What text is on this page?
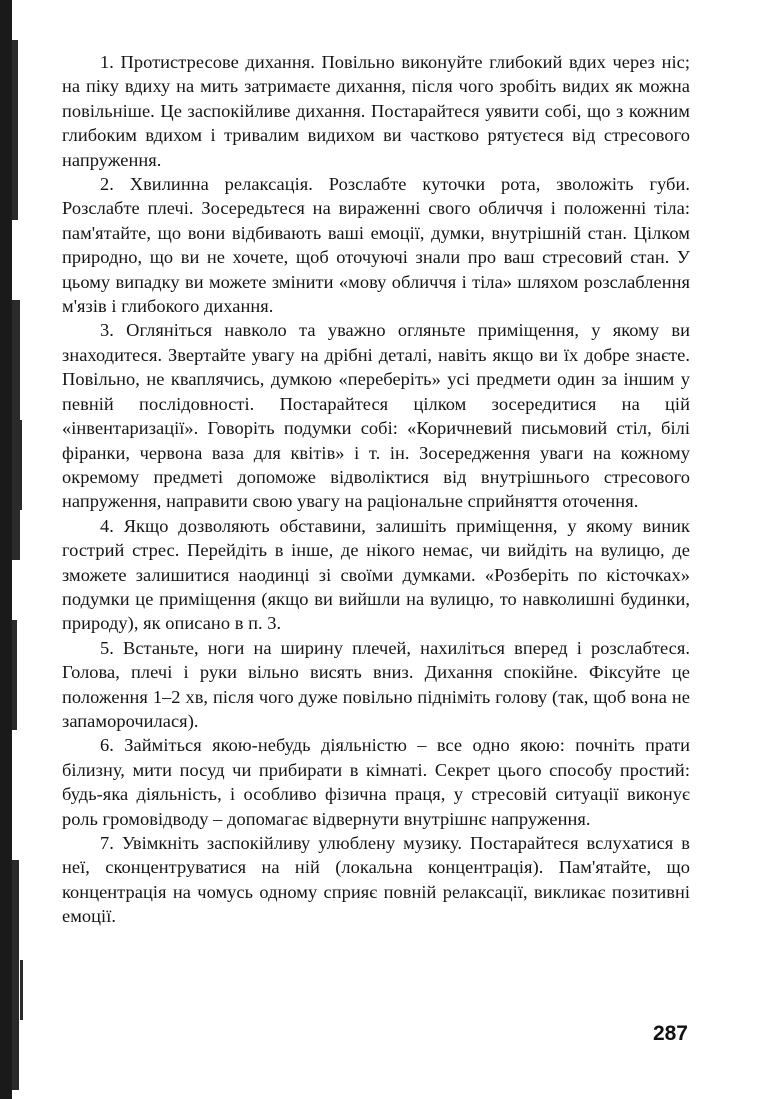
1. Протистресове дихання. Повільно виконуйте глибокий вдих через ніс; на піку вдиху на мить затримаєте дихання, після чого зробіть видих як можна повільніше. Це заспокійливе дихання. Постарайтеся уявити собі, що з кожним глибоким вдихом і тривалим видихом ви частково рятуєтеся від стресового напруження.

2. Хвилинна релаксація. Розслабте куточки рота, зволожіть губи. Розслабте плечі. Зосередьтеся на вираженні свого обличчя і положенні тіла: пам'ятайте, що вони відбивають ваші емоції, думки, внутрішній стан. Цілком природно, що ви не хочете, щоб оточуючі знали про ваш стресовий стан. У цьому випадку ви можете змінити «мову обличчя і тіла» шляхом розслаблення м'язів і глибокого дихання.

3. Огляніться навколо та уважно огляньте приміщення, у якому ви знаходитеся. Звертайте увагу на дрібні деталі, навіть якщо ви їх добре знаєте. Повільно, не кваплячись, думкою «переберіть» усі предмети один за іншим у певній послідовності. Постарайтеся цілком зосередитися на цій «інвентаризації». Говоріть подумки собі: «Коричневий письмовий стіл, білі фіранки, червона ваза для квітів» і т. ін. Зосередження уваги на кожному окремому предметі допоможе відволіктися від внутрішнього стресового напруження, направити свою увагу на раціональне сприйняття оточення.

4. Якщо дозволяють обставини, залишіть приміщення, у якому виник гострий стрес. Перейдіть в інше, де нікого немає, чи вийдіть на вулицю, де зможете залишитися наодинці зі своїми думками. «Розберіть по кісточках» подумки це приміщення (якщо ви вийшли на вулицю, то навколишні будинки, природу), як описано в п. 3.

5. Встаньте, ноги на ширину плечей, нахиліться вперед і розслабтеся. Голова, плечі і руки вільно висять вниз. Дихання спокійне. Фіксуйте це положення 1–2 хв, після чого дуже повільно підніміть голову (так, щоб вона не запаморочилася).

6. Займіться якою-небудь діяльністю – все одно якою: почніть прати білизну, мити посуд чи прибирати в кімнаті. Секрет цього способу простий: будь-яка діяльність, і особливо фізична праця, у стресовій ситуації виконує роль громовідводу – допомагає відвернути внутрішнє напруження.

7. Увімкніть заспокійливу улюблену музику. Постарайтеся вслухатися в неї, сконцентруватися на ній (локальна концентрація). Пам'ятайте, що концентрація на чомусь одному сприяє повній релаксації, викликає позитивні емоції.

287
